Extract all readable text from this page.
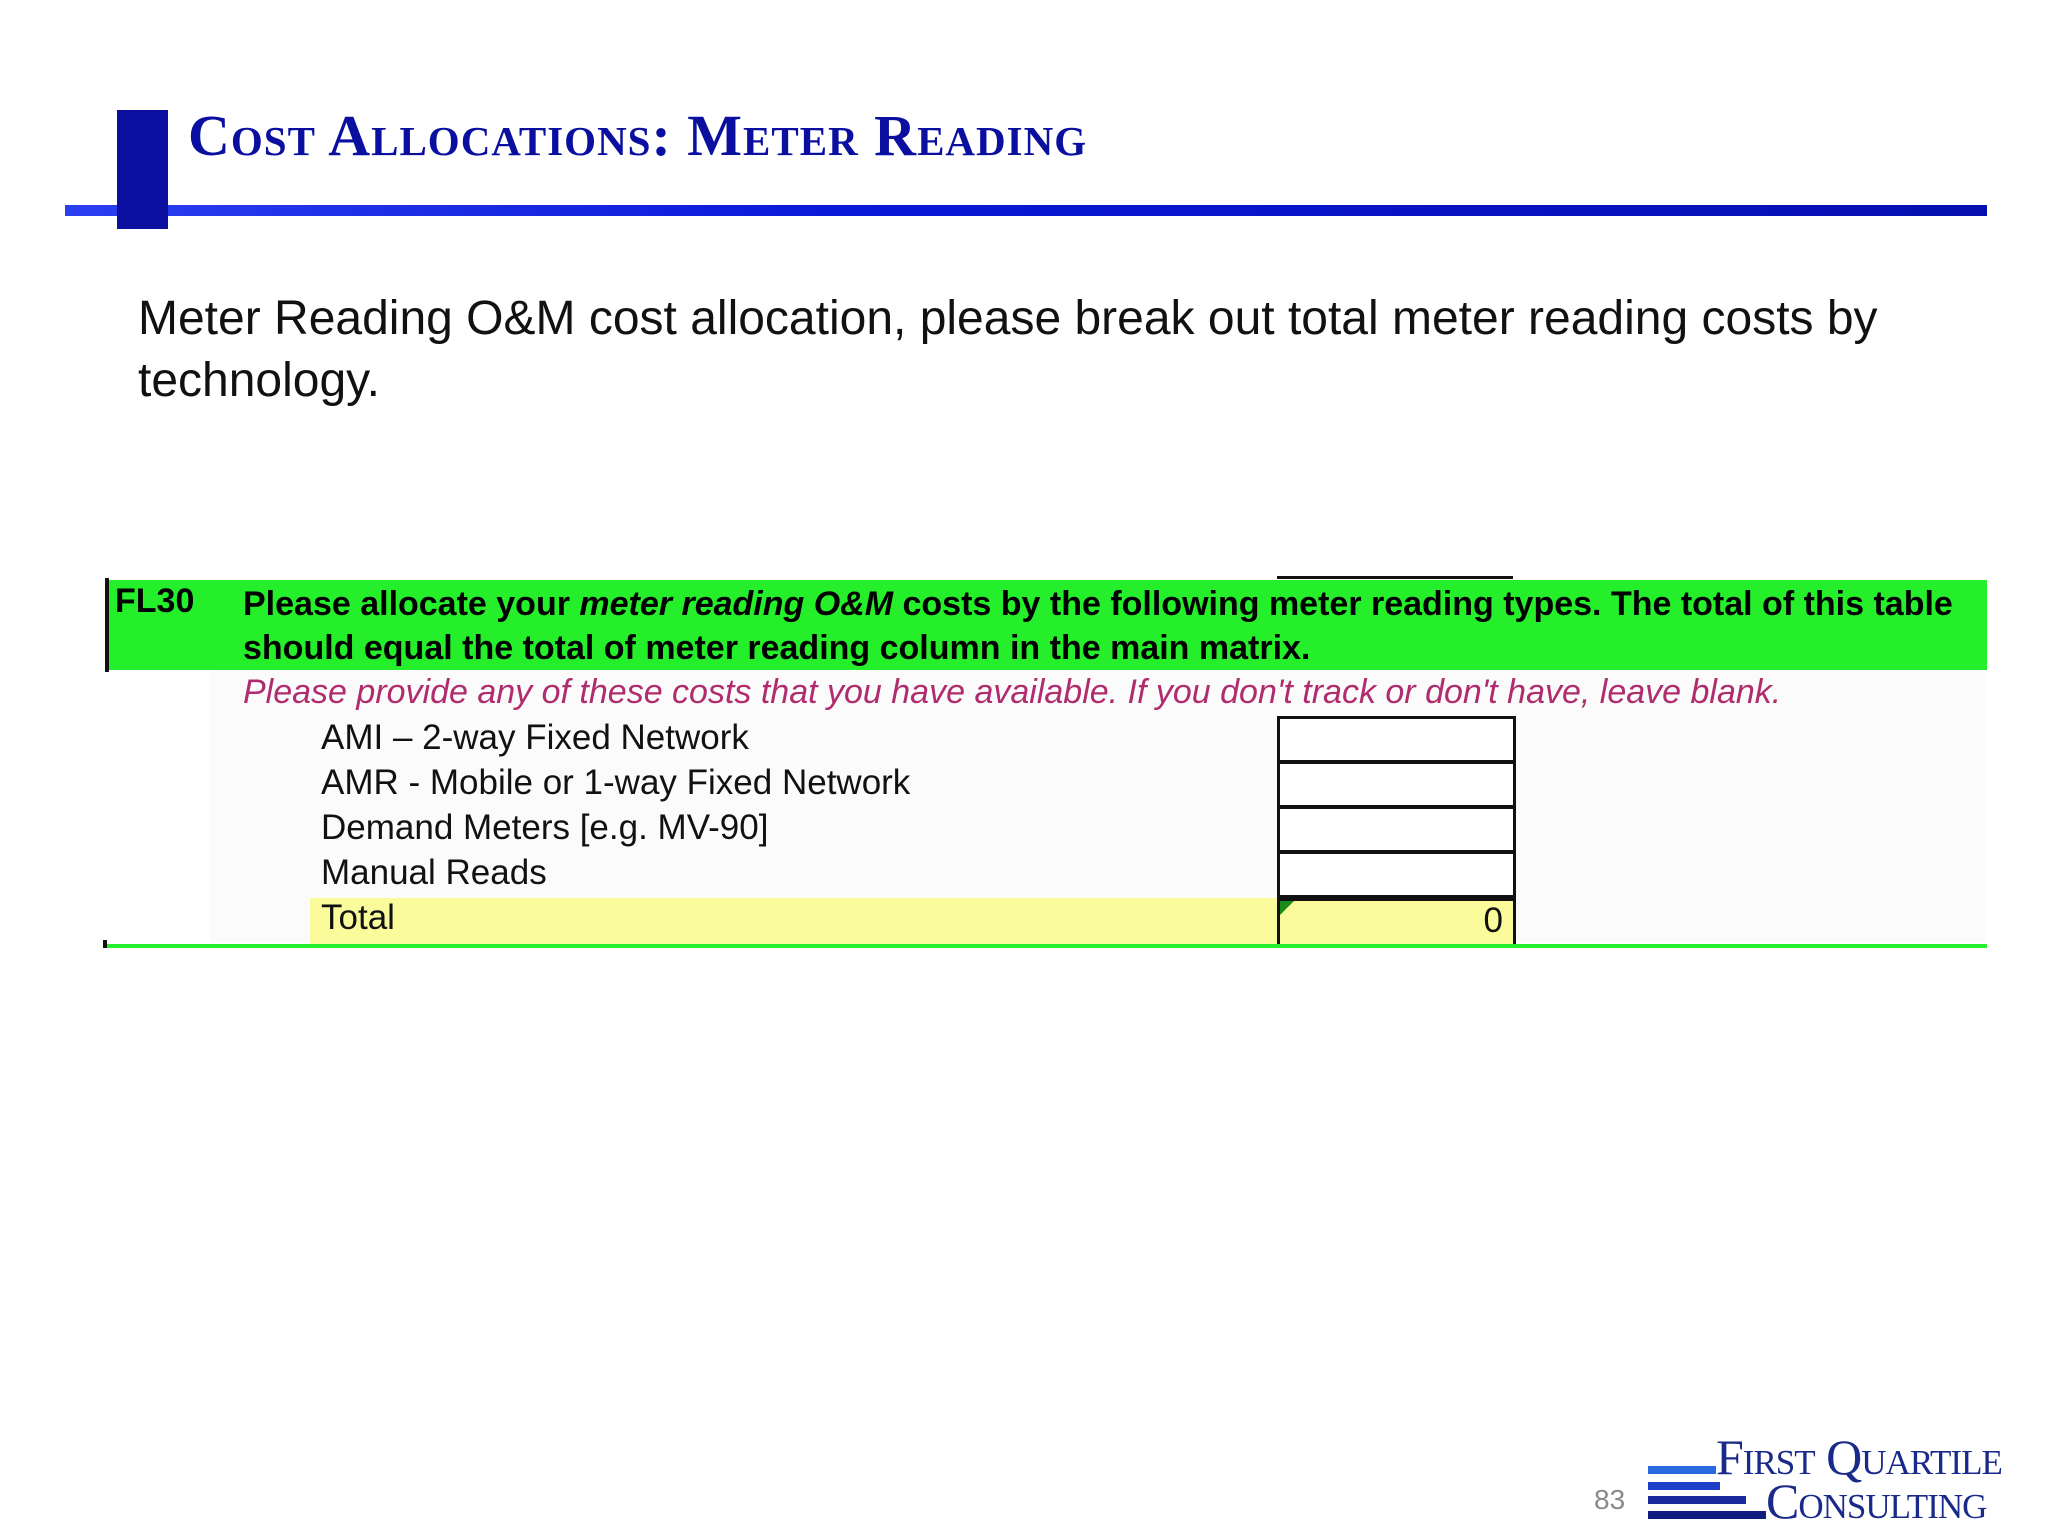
Cost Allocations: Meter Reading
Meter Reading O&M cost allocation, please break out total meter reading costs by technology.
FL30 Please allocate your meter reading O&M costs by the following meter reading types. The total of this table should equal the total of meter reading column in the main matrix.
Please provide any of these costs that you have available. If you don't track or don't have, leave blank.
AMI – 2-way Fixed Network
AMR - Mobile or 1-way Fixed Network
Demand Meters [e.g. MV-90]
Manual Reads
Total	0
83
First Quartile
Consulting
